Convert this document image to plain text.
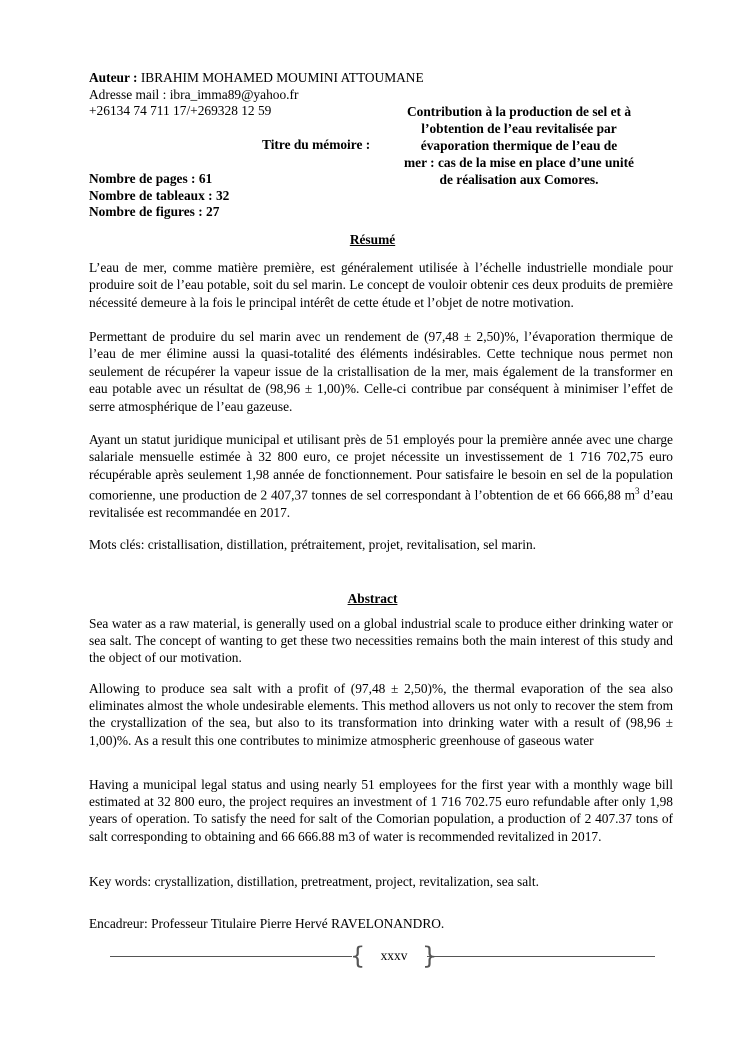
Auteur : IBRAHIM MOHAMED MOUMINI ATTOUMANE
Adresse mail : ibra_imma89@yahoo.fr
+26134 74 711 17/+269328 12 59
Titre du mémoire :
Contribution à la production de sel et à
l’obtention de l’eau revitalisée par
évaporation thermique de l’eau de
mer : cas de la mise en place d’une unité
de réalisation aux Comores.
Nombre de pages : 61
Nombre de tableaux : 32
Nombre de figures : 27
Résumé
L’eau de mer, comme matière première, est généralement utilisée à l’échelle industrielle mondiale pour produire soit de l’eau potable, soit du sel marin. Le concept de vouloir obtenir ces deux produits de première nécessité demeure à la fois le principal intérêt de cette étude et l’objet de notre motivation.
Permettant de produire du sel marin avec un rendement de (97,48 ± 2,50)%, l’évaporation thermique de l’eau de mer élimine aussi la quasi-totalité des éléments indésirables. Cette technique nous permet non seulement de récupérer la vapeur issue de la cristallisation de la mer, mais également de la transformer en eau potable avec un résultat de (98,96 ± 1,00)%. Celle-ci contribue par conséquent à minimiser l’effet de serre atmosphérique de l’eau gazeuse.
Ayant un statut juridique municipal et utilisant près de 51 employés pour la première année avec une charge salariale mensuelle estimée à 32 800 euro, ce projet nécessite un investissement de 1 716 702,75 euro récupérable après seulement 1,98 année de fonctionnement. Pour satisfaire le besoin en sel de la population comorienne, une production de 2 407,37 tonnes de sel correspondant à l’obtention de et 66 666,88 $m^3$ d’eau revitalisée est recommandée en 2017.
Mots clés: cristallisation, distillation, prétraitement, projet, revitalisation, sel marin.
Abstract
Sea water as a raw material, is generally used on a global industrial scale to produce either drinking water or sea salt. The concept of wanting to get these two necessities remains both the main interest of this study and the object of our motivation.
Allowing to produce sea salt with a profit of (97,48 ± 2,50)%, the thermal evaporation of the sea also eliminates almost the whole undesirable elements. This method allovers us not only to recover the stem from the crystallization of the sea, but also to its transformation into drinking water with a result of (98,96 ± 1,00)%. As a result this one contributes to minimize atmospheric greenhouse of gaseous water
Having a municipal legal status and using nearly 51 employees for the first year with a monthly wage bill estimated at 32 800 euro, the project requires an investment of 1 716 702.75 euro refundable after only 1,98 years of operation. To satisfy the need for salt of the Comorian population, a production of 2 407.37 tons of salt corresponding to obtaining and 66 666.88 m3 of water is recommended revitalized in 2017.
Key words: crystallization, distillation, pretreatment, project, revitalization, sea salt.
Encadreur: Professeur Titulaire Pierre Hervé RAVELONANDRO.
{	xxxv }
